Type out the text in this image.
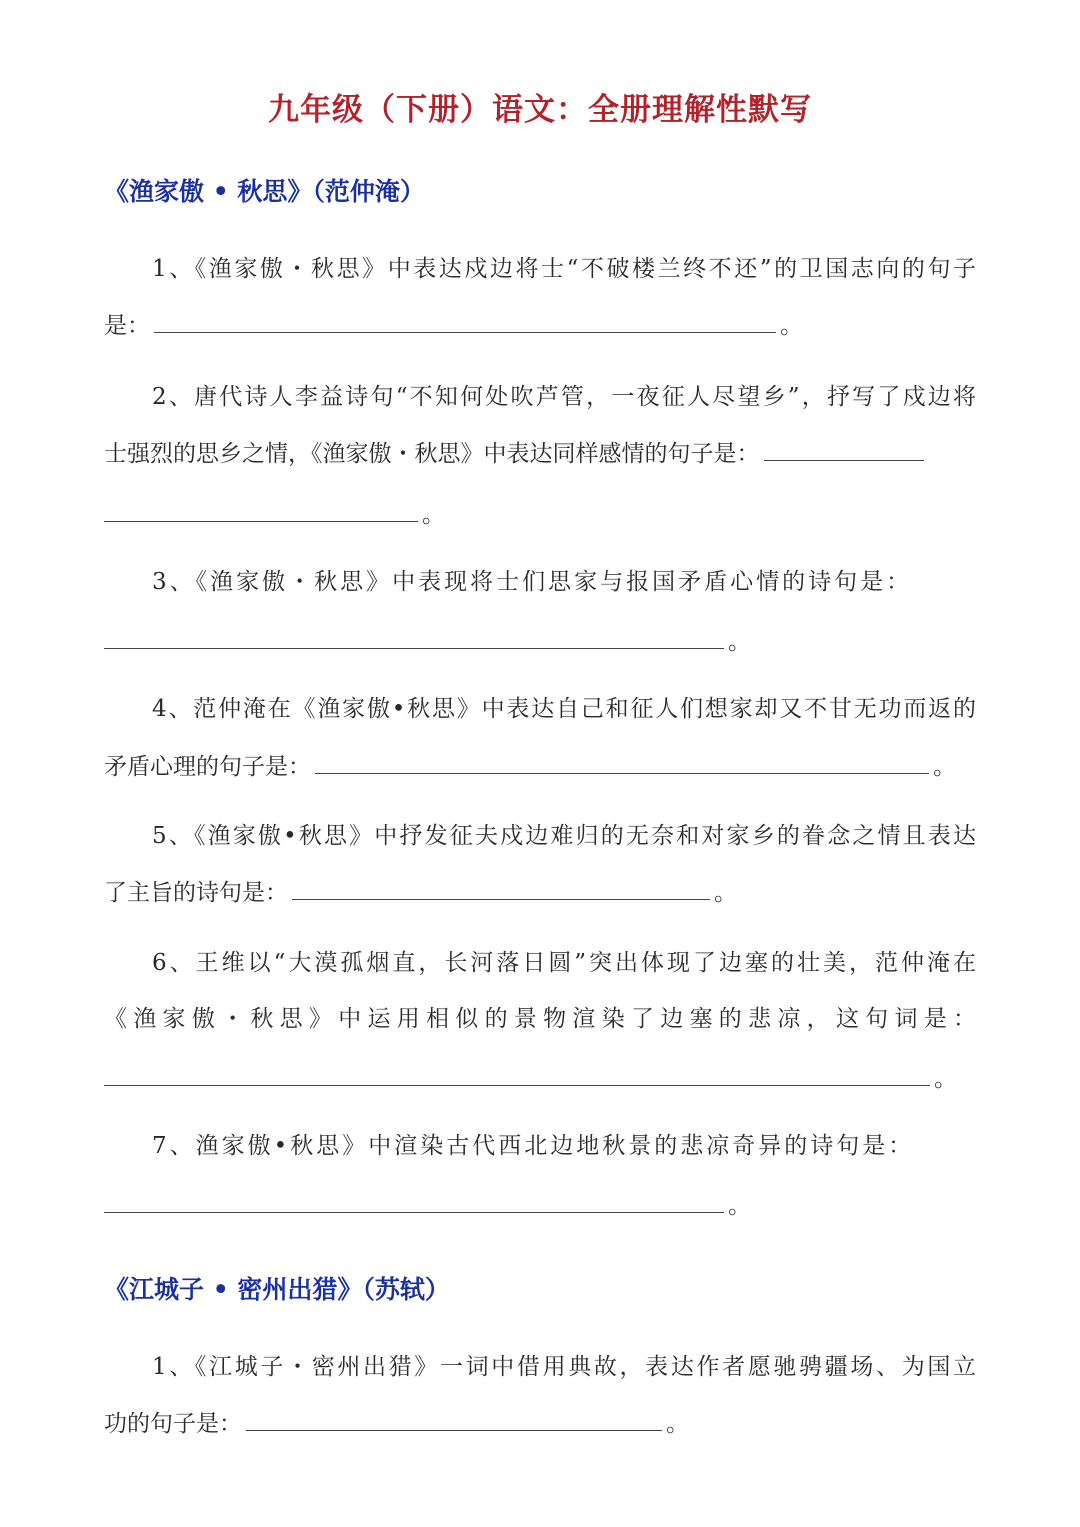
九年级（下册）语文：全册理解性默写
《渔家傲 • 秋思》（范仲淹）

1、《渔家傲・秋思》中表达戍边将士“不破楼兰终不还”的卫国志向的句子

是：	。

2、唐代诗人李益诗句“不知何处吹芦管，一夜征人尽望乡”，抒写了戍边将

士强烈的思乡之情，《渔家傲・秋思》中表达同样感情的句子是：

。

3、《渔家傲・秋思》中表现将士们思家与报国矛盾心情的诗句是：

。

4、范仲淹在《渔家傲•秋思》中表达自己和征人们想家却又不甘无功而返的

矛盾心理的句子是：	。

5、《渔家傲•秋思》中抒发征夫戍边难归的无奈和对家乡的眷念之情且表达

了主旨的诗句是：	。

6、王维以“大漠孤烟直，长河落日圆”突出体现了边塞的壮美，范仲淹在

《渔家傲・秋思》中运用相似的景物渲染了边塞的悲凉，这句词是：

。

7、渔家傲•秋思》中渲染古代西北边地秋景的悲凉奇异的诗句是：

。

《江城子 • 密州出猎》（苏轼）

1、《江城子・密州出猎》一词中借用典故，表达作者愿驰骋疆场、为国立

功的句子是：	。
